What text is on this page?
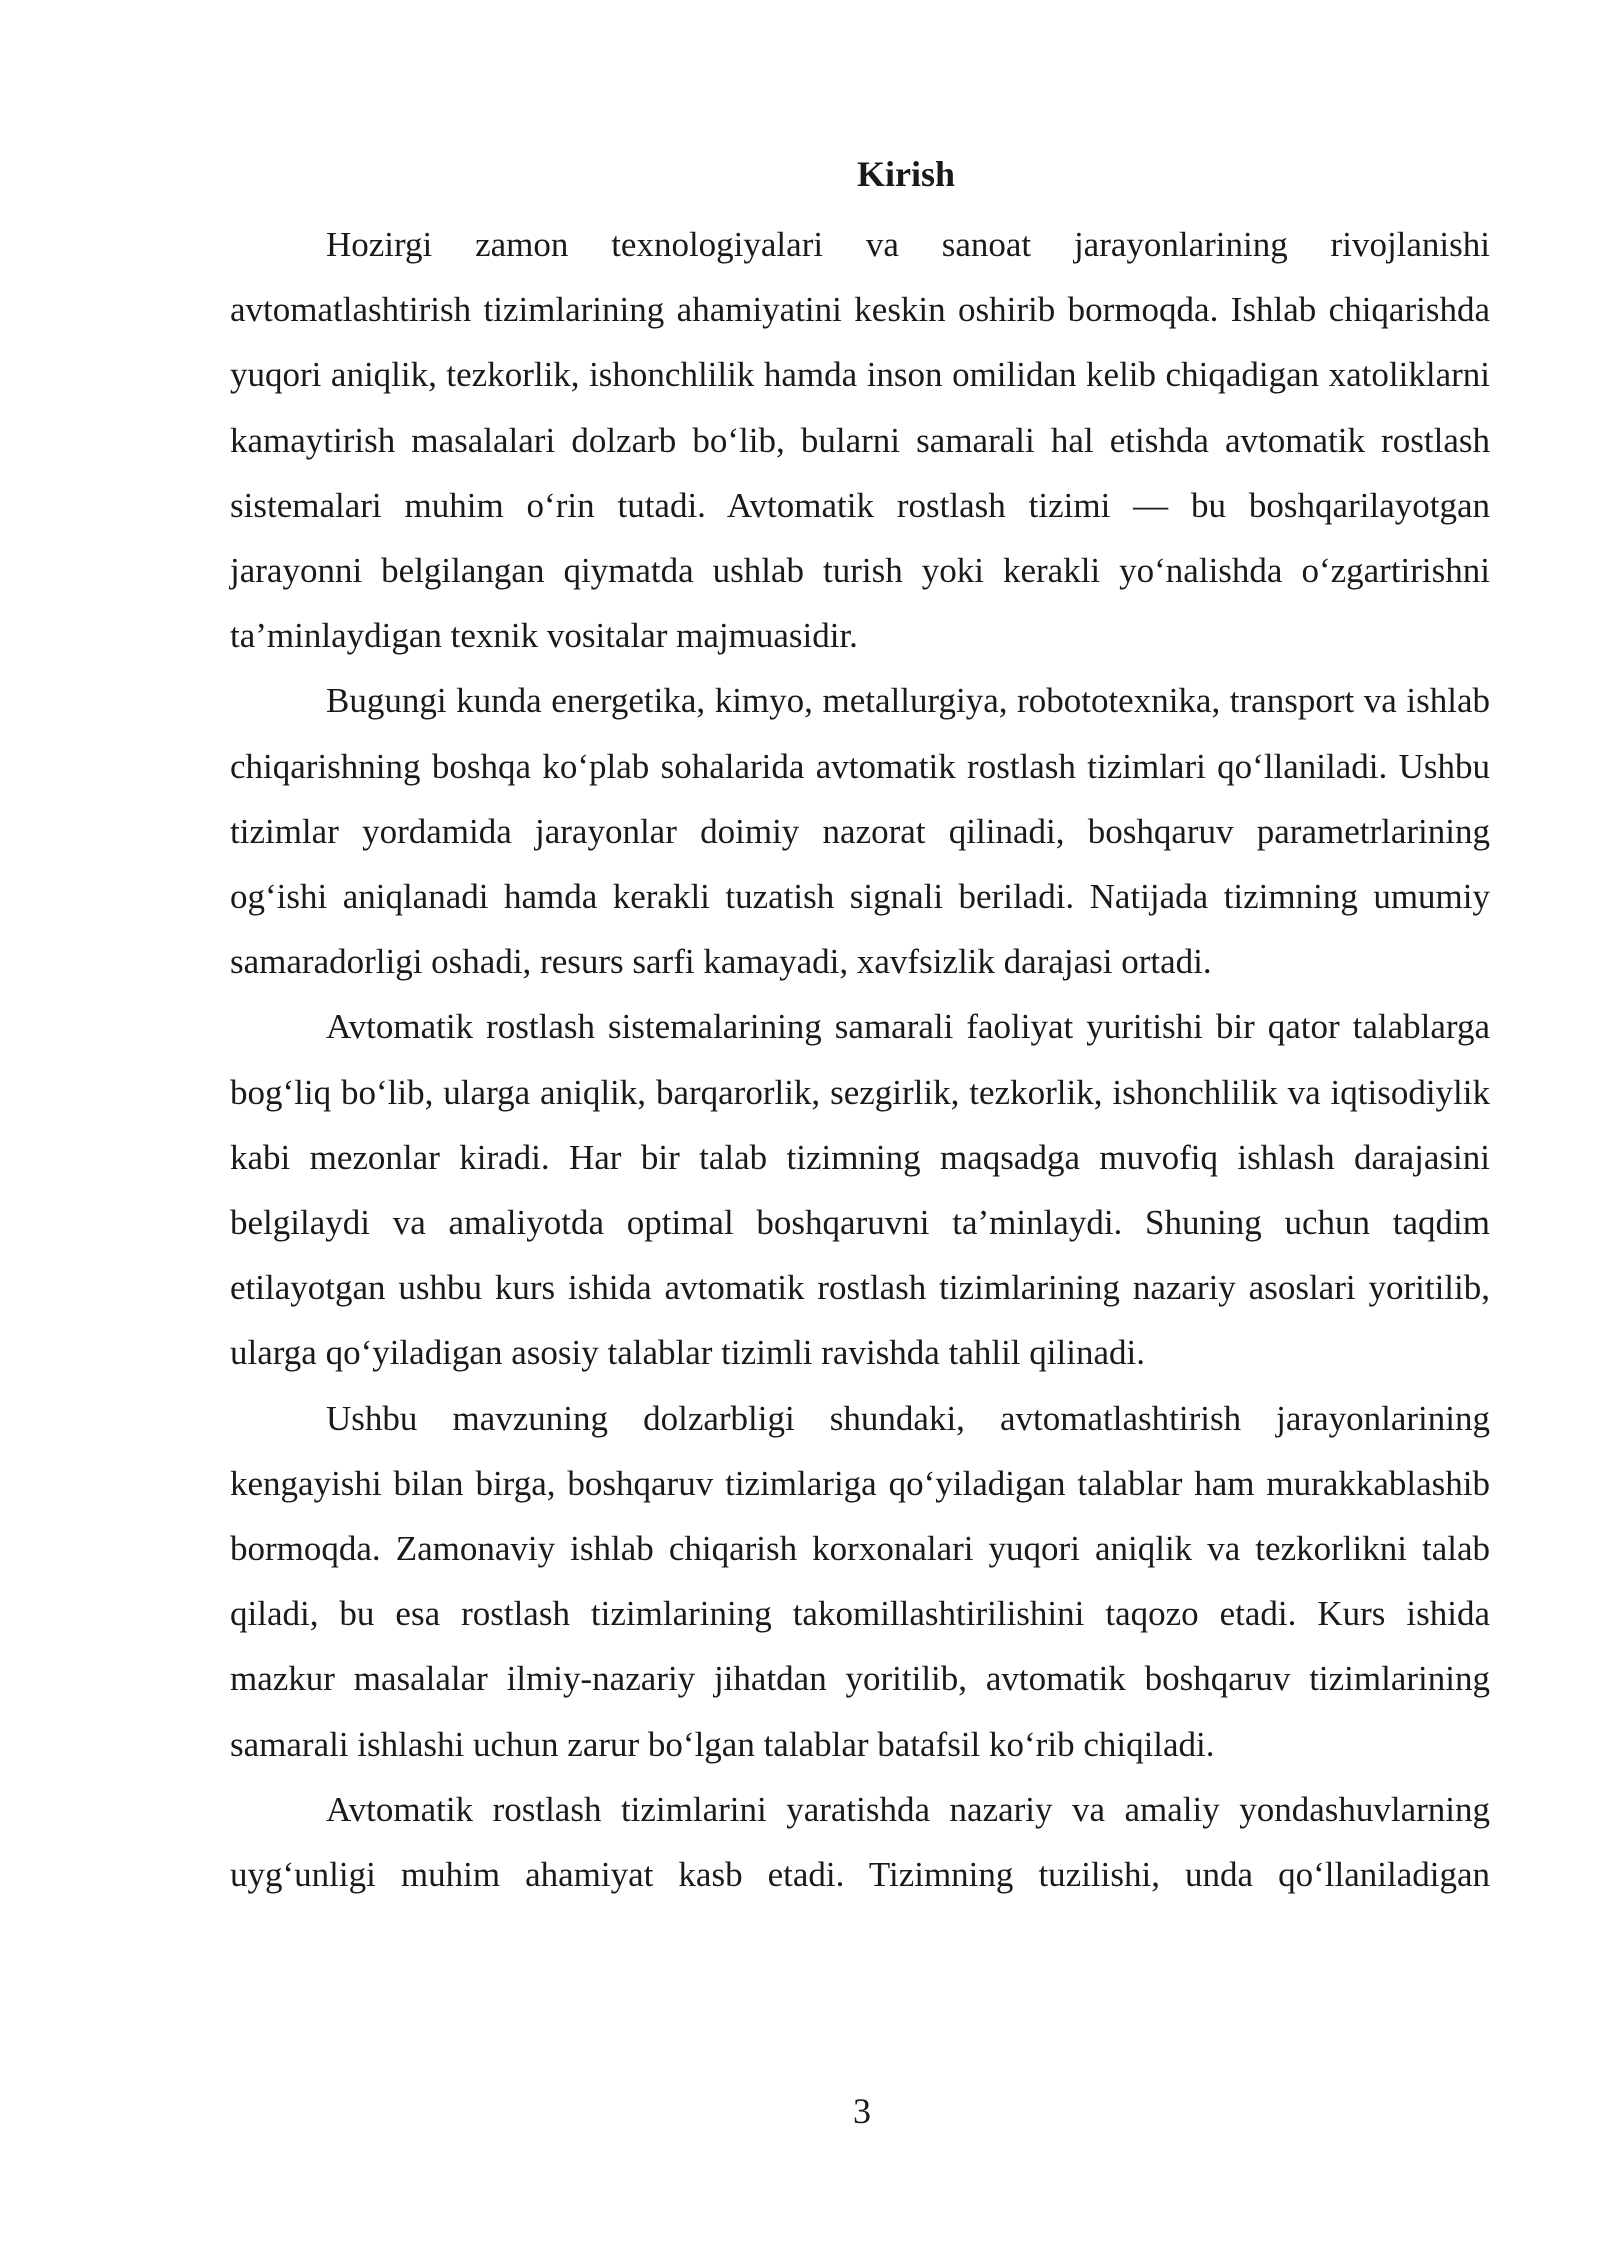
Kirish

Hozirgi zamon texnologiyalari va sanoat jarayonlarining rivojlanishi avtomatlashtirish tizimlarining ahamiyatini keskin oshirib bormoqda. Ishlab chiqarishda yuqori aniqlik, tezkorlik, ishonchlilik hamda inson omilidan kelib chiqadigan xatoliklarni kamaytirish masalalari dolzarb bo‘lib, bularni samarali hal etishda avtomatik rostlash sistemalari muhim o‘rin tutadi. Avtomatik rostlash tizimi — bu boshqarilayotgan jarayonni belgilangan qiymatda ushlab turish yoki kerakli yo‘nalishda o‘zgartirishni ta’minlaydigan texnik vositalar majmuasidir.

Bugungi kunda energetika, kimyo, metallurgiya, robototexnika, transport va ishlab chiqarishning boshqa ko‘plab sohalarida avtomatik rostlash tizimlari qo‘llaniladi. Ushbu tizimlar yordamida jarayonlar doimiy nazorat qilinadi, boshqaruv parametrlarining og‘ishi aniqlanadi hamda kerakli tuzatish signali beriladi. Natijada tizimning umumiy samaradorligi oshadi, resurs sarfi kamayadi, xavfsizlik darajasi ortadi.

Avtomatik rostlash sistemalarining samarali faoliyat yuritishi bir qator talablarga bog‘liq bo‘lib, ularga aniqlik, barqarorlik, sezgirlik, tezkorlik, ishonchlilik va iqtisodiylik kabi mezonlar kiradi. Har bir talab tizimning maqsadga muvofiq ishlash darajasini belgilaydi va amaliyotda optimal boshqaruvni ta’minlaydi. Shuning uchun taqdim etilayotgan ushbu kurs ishida avtomatik rostlash tizimlarining nazariy asoslari yoritilib, ularga qo‘yiladigan asosiy talablar tizimli ravishda tahlil qilinadi.

Ushbu mavzuning dolzarbligi shundaki, avtomatlashtirish jarayonlarining kengayishi bilan birga, boshqaruv tizimlariga qo‘yiladigan talablar ham murakkablashib bormoqda. Zamonaviy ishlab chiqarish korxonalari yuqori aniqlik va tezkorlikni talab qiladi, bu esa rostlash tizimlarining takomillashtirilishini taqozo etadi. Kurs ishida mazkur masalalar ilmiy-nazariy jihatdan yoritilib, avtomatik boshqaruv tizimlarining samarali ishlashi uchun zarur bo‘lgan talablar batafsil ko‘rib chiqiladi.

Avtomatik rostlash tizimlarini yaratishda nazariy va amaliy yondashuvlarning uyg‘unligi muhim ahamiyat kasb etadi. Tizimning tuzilishi, unda qo‘llaniladigan

3
